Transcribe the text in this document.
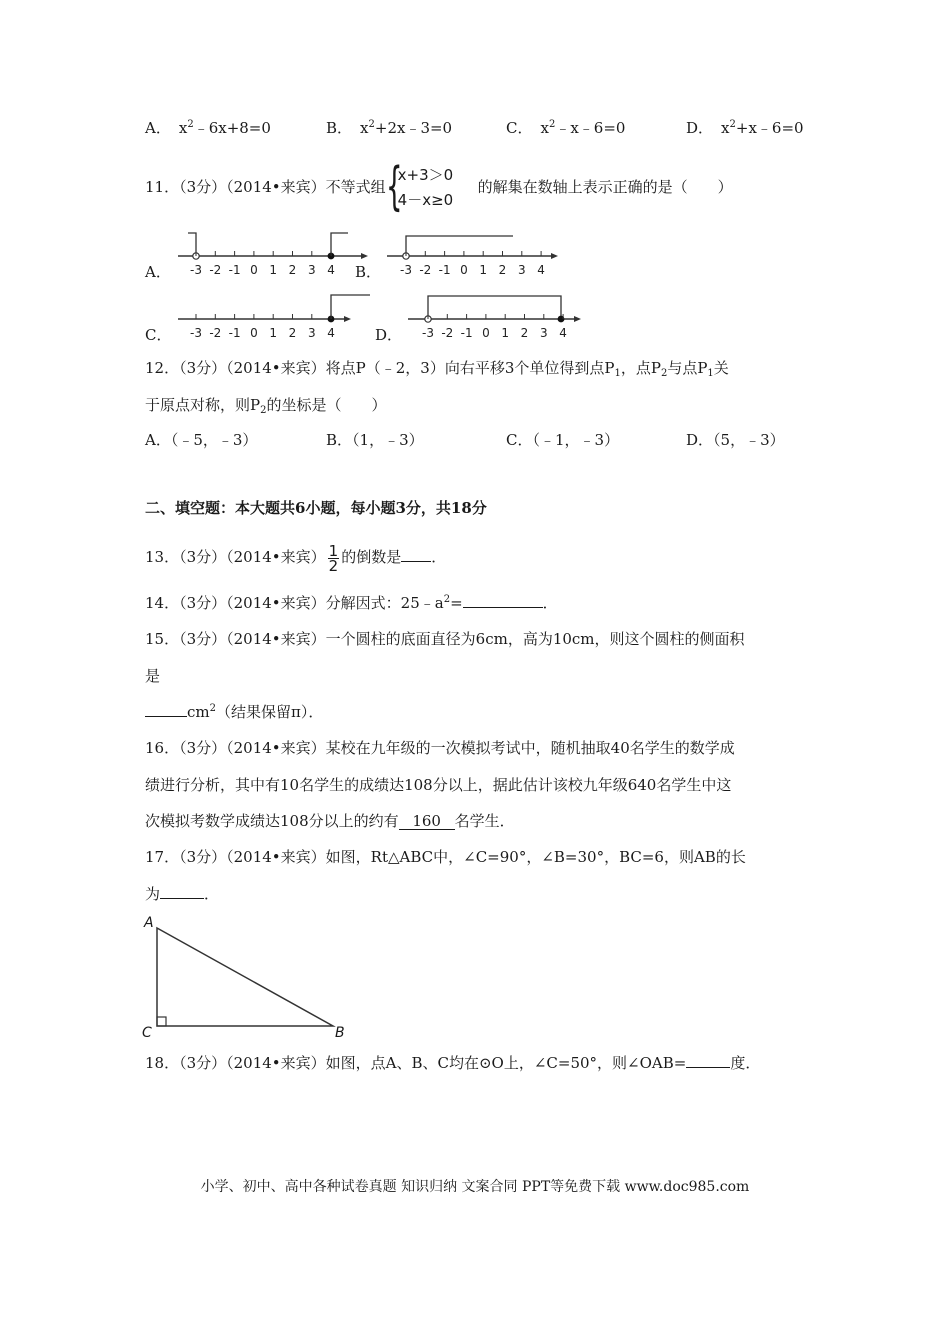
A． $x^2﹣6x+8=0$	B． $x^2+2x﹣3=0$	C． $x^2﹣x﹣6=0$	D． $x^2+x﹣6=0$
11．（3分）（2014•来宾）不等式组 {
x+3＞0
4－x≥0
的解集在数轴上表示正确的是（　　）
A．	B．
C．	D．
-3 -2 -1 0 1 2 3 4	-3 -2 -1 0 1 2 3 4
-3 -2 -1 0 1 2 3 4	-3 -2 -1 0 1 2 3 4
12．（3分）（2014•来宾）将点P（﹣2，3）向右平移3个单位得到点$P_1$，点$P_2$与点$P_1$关
于原点对称，则$P_2$的坐标是（　　）
A．（﹣5，﹣3）	B．（1，﹣3）	C．（﹣1，﹣3）	D．（5，﹣3）
二、填空题：本大题共6小题，每小题3分，共18分
13．（3分）（2014•来宾） $\frac{1}{2}$ 的倒数是 ．
14．（3分）（2014•来宾）分解因式：$25﹣a^2=$	．
15．（3分）（2014•来宾）一个圆柱的底面直径为6cm，高为10cm，则这个圆柱的侧面积
是
$cm^2$（结果保留π）．
16．（3分）（2014•来宾）某校在九年级的一次模拟考试中，随机抽取40名学生的数学成
绩进行分析，其中有10名学生的成绩达108分以上，据此估计该校九年级640名学生中这
次模拟考数学成绩达108分以上的约有 160 名学生．
17．（3分）（2014•来宾）如图，Rt△ABC中，∠C=90°，∠B=30°，BC=6，则AB的长
为	．
A
C	B
18．（3分）（2014•来宾）如图，点A、B、C均在⊙O上，∠C=50°，则∠OAB=	度．
小学、初中、高中各种试卷真题 知识归纳 文案合同 PPT等免费下载 www.doc985.com
